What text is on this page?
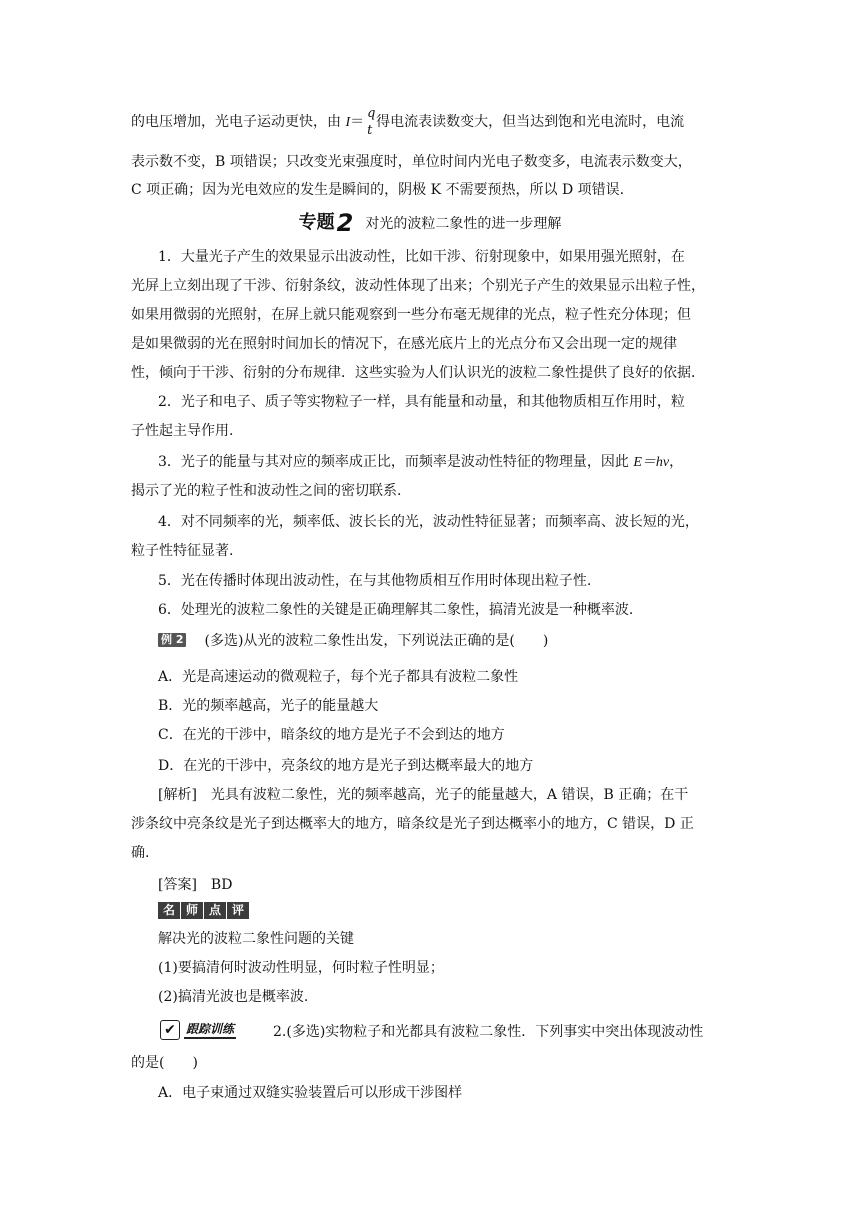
的电压增加，光电子运动更快，由 I＝
q
t
得电流表读数变大，但当达到饱和光电流时，电流
表示数不变，B 项错误；只改变光束强度时，单位时间内光电子数变多，电流表示数变大，
C 项正确；因为光电效应的发生是瞬间的，阴极 K 不需要预热，所以 D 项错误.
专题2 对光的波粒二象性的进一步理解
1．大量光子产生的效果显示出波动性，比如干涉、衍射现象中，如果用强光照射，在
光屏上立刻出现了干涉、衍射条纹，波动性体现了出来；个别光子产生的效果显示出粒子性，
如果用微弱的光照射，在屏上就只能观察到一些分布毫无规律的光点，粒子性充分体现；但
是如果微弱的光在照射时间加长的情况下，在感光底片上的光点分布又会出现一定的规律
性，倾向于干涉、衍射的分布规律．这些实验为人们认识光的波粒二象性提供了良好的依据．
2．光子和电子、质子等实物粒子一样，具有能量和动量，和其他物质相互作用时，粒
子性起主导作用.
3．光子的能量与其对应的频率成正比，而频率是波动性特征的物理量，因此 E＝hν，
揭示了光的粒子性和波动性之间的密切联系.
4．对不同频率的光，频率低、波长长的光，波动性特征显著；而频率高、波长短的光，
粒子性特征显著.
5．光在传播时体现出波动性，在与其他物质相互作用时体现出粒子性.
6．处理光的波粒二象性的关键是正确理解其二象性，搞清光波是一种概率波.
例 2 (多选)从光的波粒二象性出发，下列说法正确的是(　　)
A．光是高速运动的微观粒子，每个光子都具有波粒二象性
B．光的频率越高，光子的能量越大
C．在光的干涉中，暗条纹的地方是光子不会到达的地方
D．在光的干涉中，亮条纹的地方是光子到达概率最大的地方
[解析]　光具有波粒二象性，光的频率越高，光子的能量越大，A 错误，B 正确；在干
涉条纹中亮条纹是光子到达概率大的地方，暗条纹是光子到达概率小的地方，C 错误，D 正
确.
[答案]　BD
名 师 点 评
解决光的波粒二象性问题的关键
(1)要搞清何时波动性明显，何时粒子性明显；
(2)搞清光波也是概率波.
✔ 跟踪训练	2.(多选)实物粒子和光都具有波粒二象性．下列事实中突出体现波动性
的是(　　)
A．电子束通过双缝实验装置后可以形成干涉图样
